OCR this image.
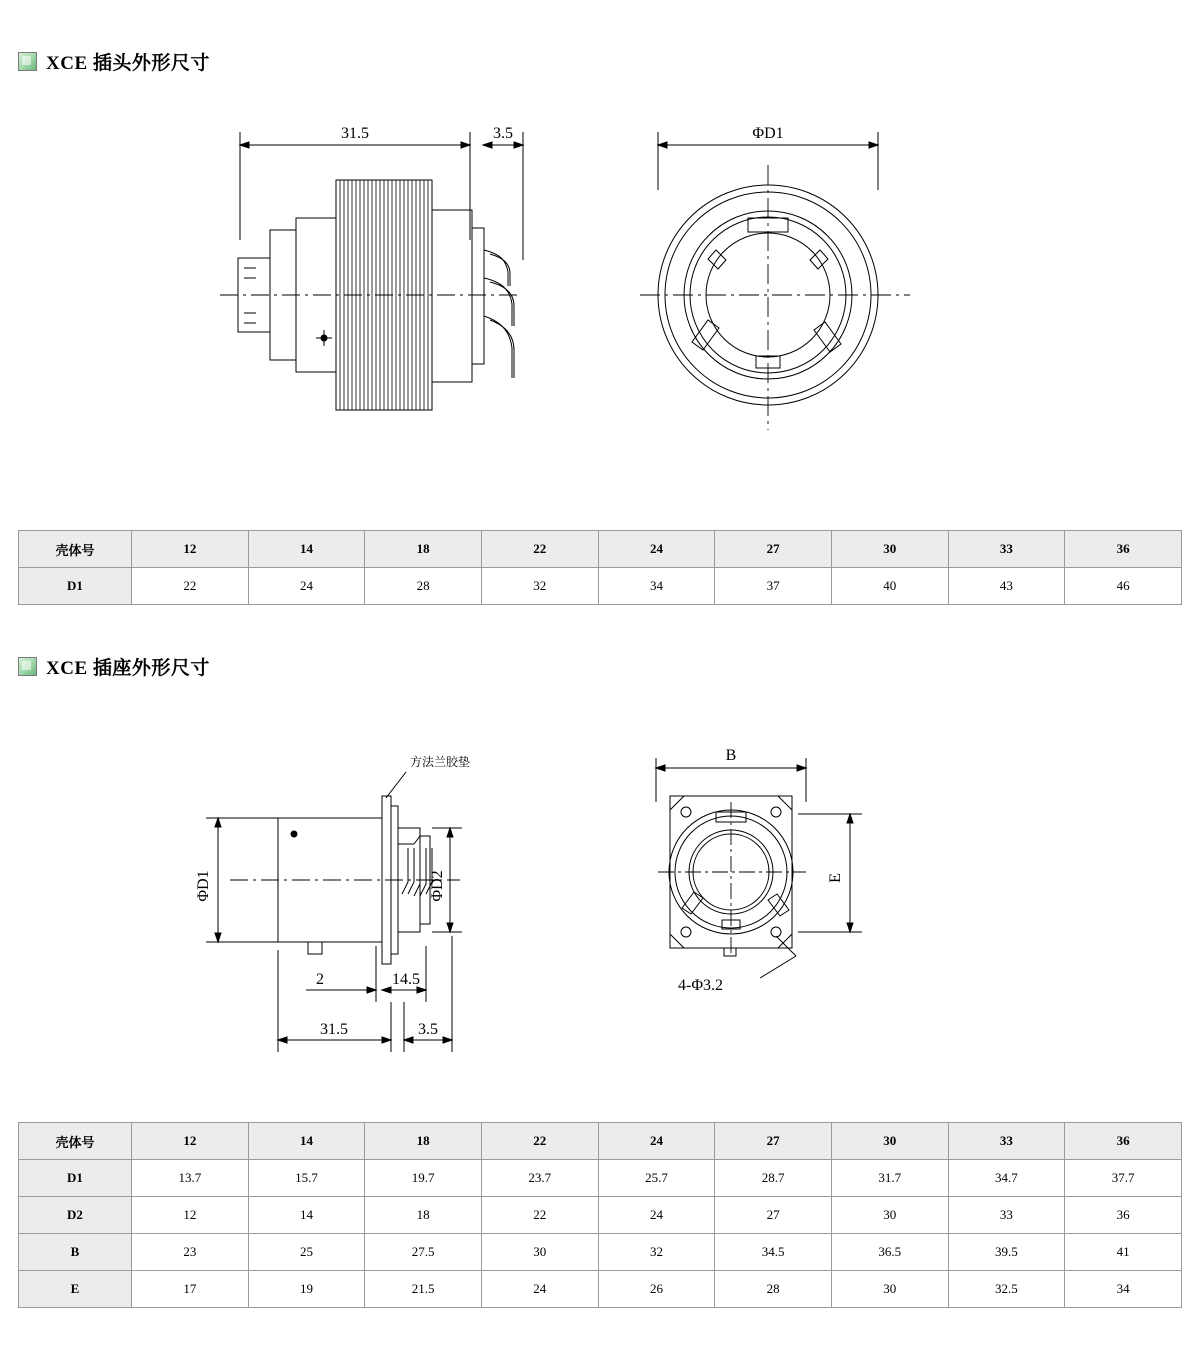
XCE 插头外形尺寸
31.5	3.5	ΦD1
壳体号	12	14	18	22	24	27	30	33	36
D1	22	24	28	32	34	37	40	43	46
XCE 插座外形尺寸
ΦD1	ΦD2
方法兰胶垫
2	14.5
31.5	3.5
B
E
4-Φ3.2
壳体号	12	14	18	22	24	27	30	33	36
D1	13.7	15.7	19.7	23.7	25.7	28.7	31.7	34.7	37.7
D2	12	14	18	22	24	27	30	33	36
B	23	25	27.5	30	32	34.5	36.5	39.5	41
E	17	19	21.5	24	26	28	30	32.5	34
